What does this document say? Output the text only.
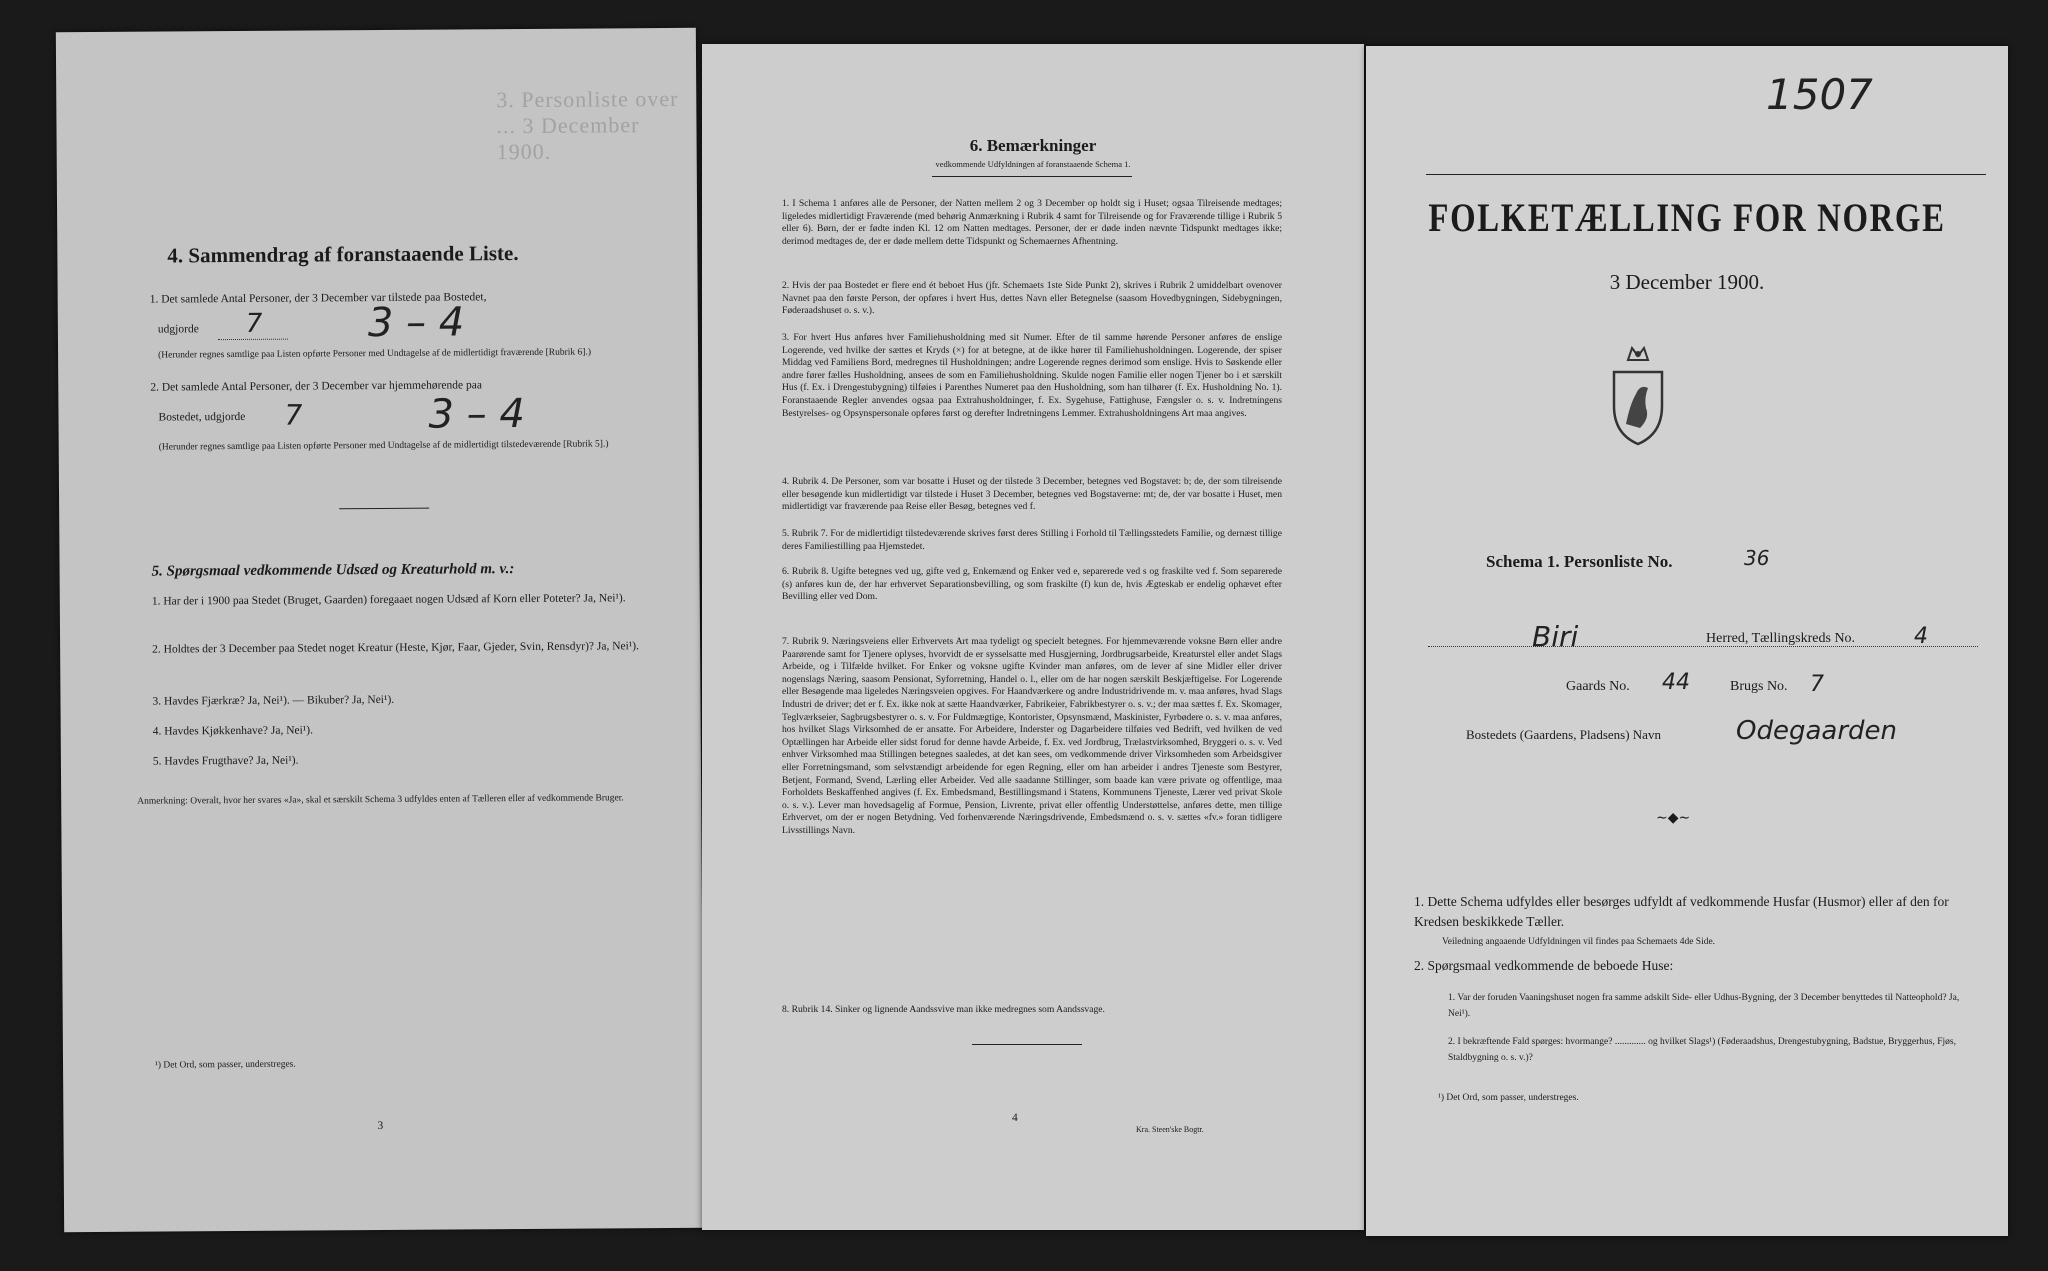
3. Personliste over ... 3 December 1900.
4. Sammendrag af foranstaaende Liste.
1. Det samlede Antal Personer, der 3 December var tilstede paa Bostedet,
udgjorde 7	3 – 4
(Herunder regnes samtlige paa Listen opførte Personer med Undtagelse af de midlertidigt fraværende [Rubrik 6].)
2. Det samlede Antal Personer, der 3 December var hjemmehørende paa
Bostedet, udgjorde 7	3 – 4
(Herunder regnes samtlige paa Listen opførte Personer med Undtagelse af de midlertidigt tilstedeværende [Rubrik 5].)
5. Spørgsmaal vedkommende Udsæd og Kreaturhold m. v.:
1. Har der i 1900 paa Stedet (Bruget, Gaarden) foregaaet nogen Udsæd af Korn eller Poteter? Ja, Nei¹).
2. Holdtes der 3 December paa Stedet noget Kreatur (Heste, Kjør, Faar, Gjeder, Svin, Rensdyr)? Ja, Nei¹).
3. Havdes Fjærkræ? Ja, Nei¹). — Bikuber? Ja, Nei¹).
4. Havdes Kjøkkenhave? Ja, Nei¹).
5. Havdes Frugthave? Ja, Nei¹).
Anmerkning: Overalt, hvor her svares «Ja», skal et særskilt Schema 3 udfyldes enten af Tælleren eller af vedkommende Bruger.
¹) Det Ord, som passer, understreges.
3
6. Bemærkninger
vedkommende Udfyldningen af foranstaaende Schema 1.
1. I Schema 1 anføres alle de Personer, der Natten mellem 2 og 3 December op holdt sig i Huset; ogsaa Tilreisende medtages; ligeledes midlertidigt Fraværende (med behørig Anmærkning i Rubrik 4 samt for Tilreisende og for Fraværende tillige i Rubrik 5 eller 6). Børn, der er fødte inden Kl. 12 om Natten medtages. Personer, der er døde inden nævnte Tidspunkt medtages ikke; derimod medtages de, der er døde mellem dette Tidspunkt og Schemaernes Afhentning.
2. Hvis der paa Bostedet er flere end ét beboet Hus (jfr. Schemaets 1ste Side Punkt 2), skrives i Rubrik 2 umiddelbart ovenover Navnet paa den første Person, der opføres i hvert Hus, dettes Navn eller Betegnelse (saasom Hovedbygningen, Sidebygningen, Føderaadshuset o. s. v.).
3. For hvert Hus anføres hver Familiehusholdning med sit Numer. Efter de til samme hørende Personer anføres de enslige Logerende, ved hvilke der sættes et Kryds (×) for at betegne, at de ikke hører til Familiehusholdningen. Logerende, der spiser Middag ved Familiens Bord, medregnes til Husholdningen; andre Logerende regnes derimod som enslige. Hvis to Søskende eller andre fører fælles Husholdning, ansees de som en Familiehusholdning. Skulde nogen Familie eller nogen Tjener bo i et særskilt Hus (f. Ex. i Drengestubygning) tilføies i Parenthes Numeret paa den Husholdning, som han tilhører (f. Ex. Husholdning No. 1). Foranstaaende Regler anvendes ogsaa paa Extrahusholdninger, f. Ex. Sygehuse, Fattighuse, Fængsler o. s. v. Indretningens Bestyrelses- og Opsynspersonale opføres først og derefter Indretningens Lemmer. Extrahusholdningens Art maa angives.
4. Rubrik 4. De Personer, som var bosatte i Huset og der tilstede 3 December, betegnes ved Bogstavet: b; de, der som tilreisende eller besøgende kun midlertidigt var tilstede i Huset 3 December, betegnes ved Bogstaverne: mt; de, der var bosatte i Huset, men midlertidigt var fraværende paa Reise eller Besøg, betegnes ved f.
5. Rubrik 7. For de midlertidigt tilstedeværende skrives først deres Stilling i Forhold til Tællingsstedets Familie, og dernæst tillige deres Familiestilling paa Hjemstedet.
6. Rubrik 8. Ugifte betegnes ved ug, gifte ved g, Enkemænd og Enker ved e, separerede ved s og fraskilte ved f. Som separerede (s) anføres kun de, der har erhvervet Separationsbevilling, og som fraskilte (f) kun de, hvis Ægteskab er endelig ophævet efter Bevilling eller ved Dom.
7. Rubrik 9. Næringsveiens eller Erhvervets Art maa tydeligt og specielt betegnes. For hjemmeværende voksne Børn eller andre Paarørende samt for Tjenere oplyses, hvorvidt de er sysselsatte med Husgjerning, Jordbrugsarbeide, Kreaturstel eller andet Slags Arbeide, og i Tilfælde hvilket. For Enker og voksne ugifte Kvinder man anføres, om de lever af sine Midler eller driver nogenslags Næring, saasom Pensionat, Syforretning, Handel o. l., eller om de har nogen særskilt Beskjæftigelse. For Logerende eller Besøgende maa ligeledes Næringsveien opgives. For Haandværkere og andre Industridrivende m. v. maa anføres, hvad Slags Industri de driver; det er f. Ex. ikke nok at sætte Haandværker, Fabrikeier, Fabrikbestyrer o. s. v.; der maa sættes f. Ex. Skomager, Teglværkseier, Sagbrugsbestyrer o. s. v. For Fuldmægtige, Kontorister, Opsynsmænd, Maskinister, Fyrbødere o. s. v. maa anføres, hos hvilket Slags Virksomhed de er ansatte. For Arbeidere, Inderster og Dagarbeidere tilføies ved Bedrift, ved hvilken de ved Optællingen har Arbeide eller sidst forud for denne havde Arbeide, f. Ex. ved Jordbrug, Trælastvirksomhed, Bryggeri o. s. v. Ved enhver Virksomhed maa Stillingen betegnes saaledes, at det kan sees, om vedkommende driver Virksomheden som Arbeidsgiver eller Forretningsmand, som selvstændigt arbeidende for egen Regning, eller om han arbeider i andres Tjeneste som Bestyrer, Betjent, Formand, Svend, Lærling eller Arbeider. Ved alle saadanne Stillinger, som baade kan være private og offentlige, maa Forholdets Beskaffenhed angives (f. Ex. Embedsmand, Bestillingsmand i Statens, Kommunens Tjeneste, Lærer ved privat Skole o. s. v.). Lever man hovedsagelig af Formue, Pension, Livrente, privat eller offentlig Understøttelse, anføres dette, men tillige Erhvervet, om der er nogen Betydning. Ved forhenværende Næringsdrivende, Embedsmænd o. s. v. sættes «fv.» foran tidligere Livsstillings Navn.
8. Rubrik 14. Sinker og lignende Aandssvive man ikke medregnes som Aandssvage.
4
Kra. Steen'ske Bogtr.
1507
FOLKETÆLLING FOR NORGE
3 December 1900.
Schema 1. Personliste No.	36
Biri	Herred, Tællingskreds No.	4
Gaards No. 44	Brugs No. 7
Bostedets (Gaardens, Pladsens) Navn	Odegaarden
∼◆∼
1. Dette Schema udfyldes eller besørges udfyldt af vedkommende Husfar (Husmor) eller af den for Kredsen beskikkede Tæller.
Veiledning angaaende Udfyldningen vil findes paa Schemaets 4de Side.
2. Spørgsmaal vedkommende de beboede Huse:
1. Var der foruden Vaaningshuset nogen fra samme adskilt Side- eller Udhus-Bygning, der 3 December benyttedes til Natteophold? Ja, Nei¹).
2. I bekræftende Fald spørges: hvormange? ............. og hvilket Slags¹) (Føderaadshus, Drengestubygning, Badstue, Bryggerhus, Fjøs, Staldbygning o. s. v.)?
¹) Det Ord, som passer, understreges.
